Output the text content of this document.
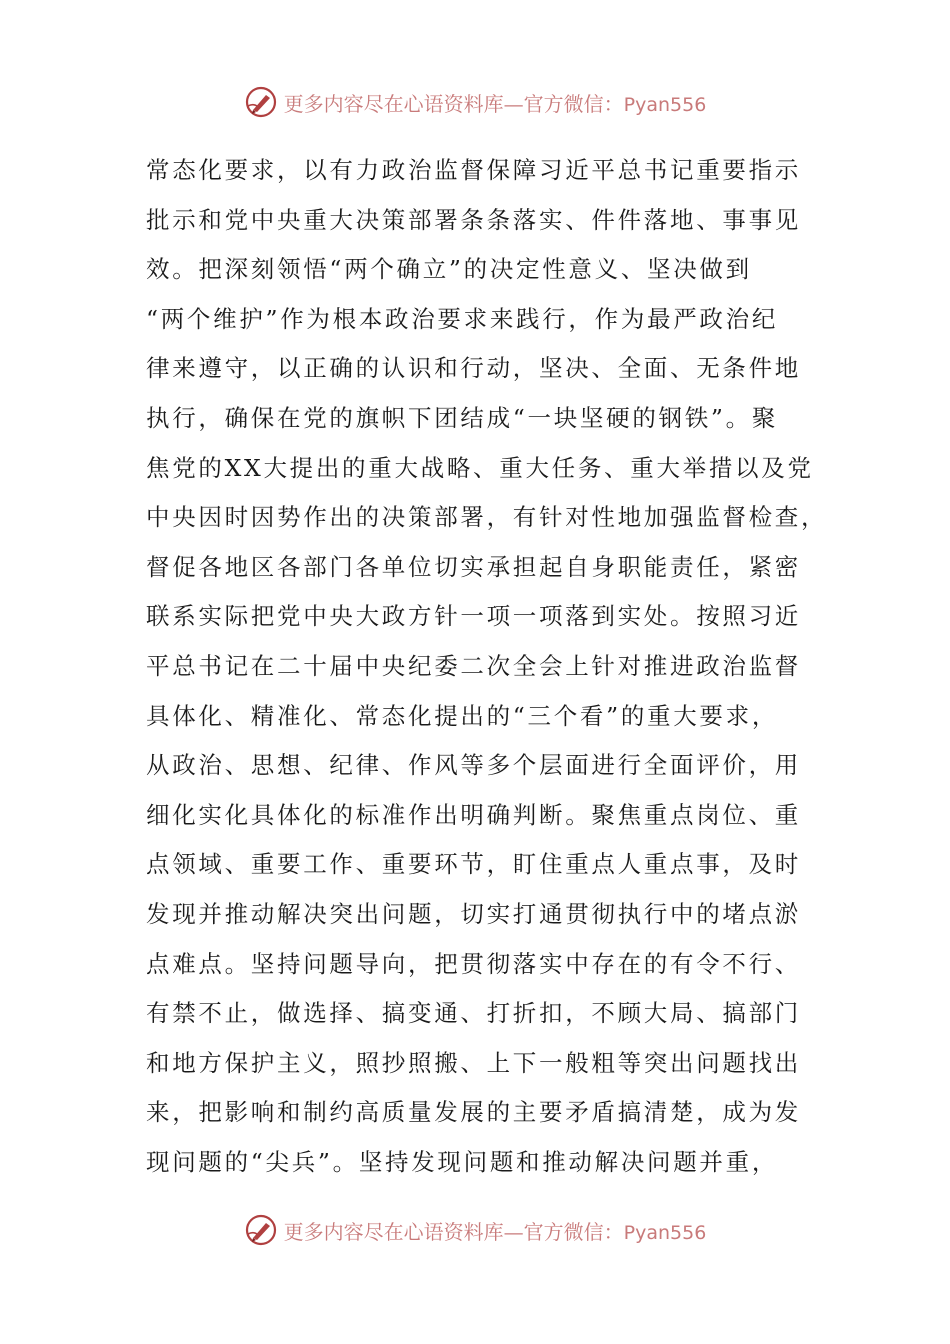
更多内容尽在心语资料库—官方微信：Pyan556
常态化要求，以有力政治监督保障习近平总书记重要指示
批示和党中央重大决策部署条条落实、件件落地、事事见
效。把深刻领悟“两个确立”的决定性意义、坚决做到
“两个维护”作为根本政治要求来践行，作为最严政治纪
律来遵守，以正确的认识和行动，坚决、全面、无条件地
执行，确保在党的旗帜下团结成“一块坚硬的钢铁”。聚
焦党的XX大提出的重大战略、重大任务、重大举措以及党
中央因时因势作出的决策部署，有针对性地加强监督检查，
督促各地区各部门各单位切实承担起自身职能责任，紧密
联系实际把党中央大政方针一项一项落到实处。按照习近
平总书记在二十届中央纪委二次全会上针对推进政治监督
具体化、精准化、常态化提出的“三个看”的重大要求，
从政治、思想、纪律、作风等多个层面进行全面评价，用
细化实化具体化的标准作出明确判断。聚焦重点岗位、重
点领域、重要工作、重要环节，盯住重点人重点事，及时
发现并推动解决突出问题，切实打通贯彻执行中的堵点淤
点难点。坚持问题导向，把贯彻落实中存在的有令不行、
有禁不止，做选择、搞变通、打折扣，不顾大局、搞部门
和地方保护主义，照抄照搬、上下一般粗等突出问题找出
来，把影响和制约高质量发展的主要矛盾搞清楚，成为发
现问题的“尖兵”。坚持发现问题和推动解决问题并重，
更多内容尽在心语资料库—官方微信：Pyan556
